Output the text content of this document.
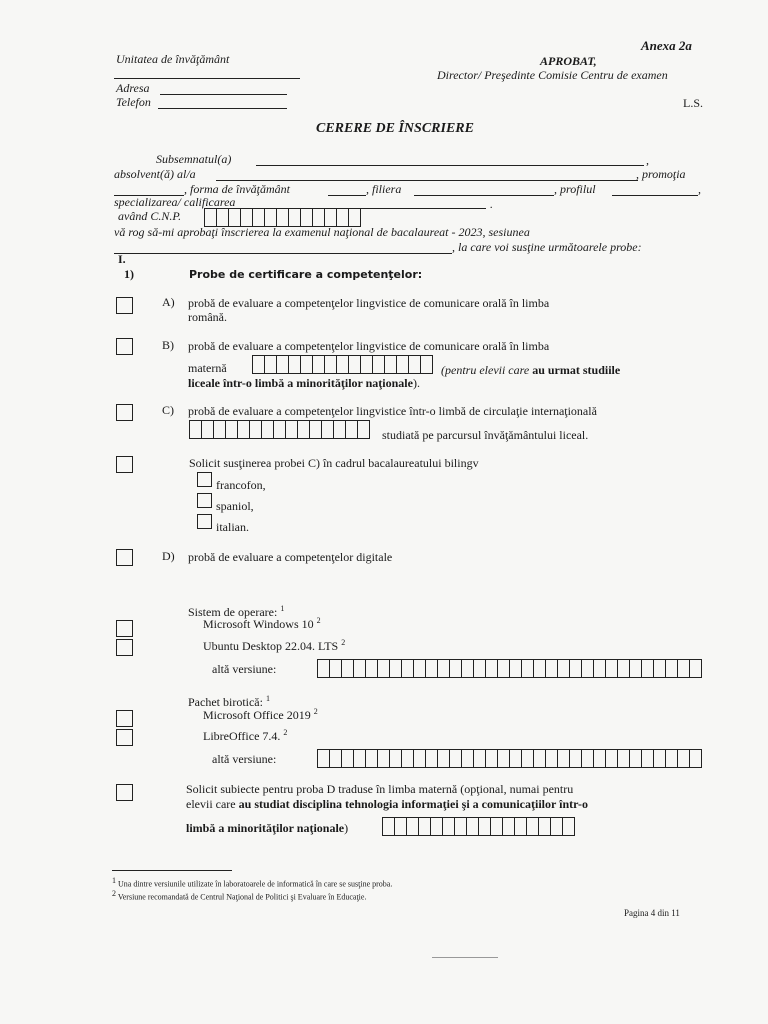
Anexa 2a
Unitatea de învăţământ	APROBAT,
Director/ Preşedinte Comisie Centru de examen
Adresa
Telefon	L.S.
CERERE DE ÎNSCRIERE
Subsemnatul(a)	,
absolvent(ă) al/a	, promoţia
, forma de învăţământ	, filiera	, profilul	,
specializarea/ calificarea	.
având C.N.P.
vă rog să-mi aprobaţi înscrierea la examenul naţional de bacalaureat - 2023, sesiunea
, la care voi susţine următoarele probe:
I.
1)	Probe de certificare a competenţelor:
A) probă de evaluare a competenţelor lingvistice de comunicare orală în limba
română.
B) probă de evaluare a competenţelor lingvistice de comunicare orală în limba
maternă	(pentru elevii care au urmat studiile
liceale într-o limbă a minorităţilor naţionale).
C) probă de evaluare a competenţelor lingvistice într-o limbă de circulaţie internaţională
studiată pe parcursul învăţământului liceal.
Solicit susţinerea probei C) în cadrul bacalaureatului bilingv
francofon,
spaniol,
italian.
D) probă de evaluare a competenţelor digitale
Sistem de operare: $^1$
Microsoft Windows 10 $^2$
Ubuntu Desktop 22.04. LTS $^2$
altă versiune:
Pachet birotică: $^1$
Microsoft Office 2019 $^2$
LibreOffice 7.4. $^2$
altă versiune:
Solicit subiecte pentru proba D traduse în limba maternă (opţional, numai pentru
elevii care au studiat disciplina tehnologia informaţiei şi a comunicaţiilor într-o
limbă a minorităţilor naţionale)
$^1$ Una dintre versiunile utilizate în laboratoarele de informatică în care se susţine proba.
$^2$ Versiune recomandată de Centrul Naţional de Politici şi Evaluare în Educaţie.
Pagina 4 din 11
